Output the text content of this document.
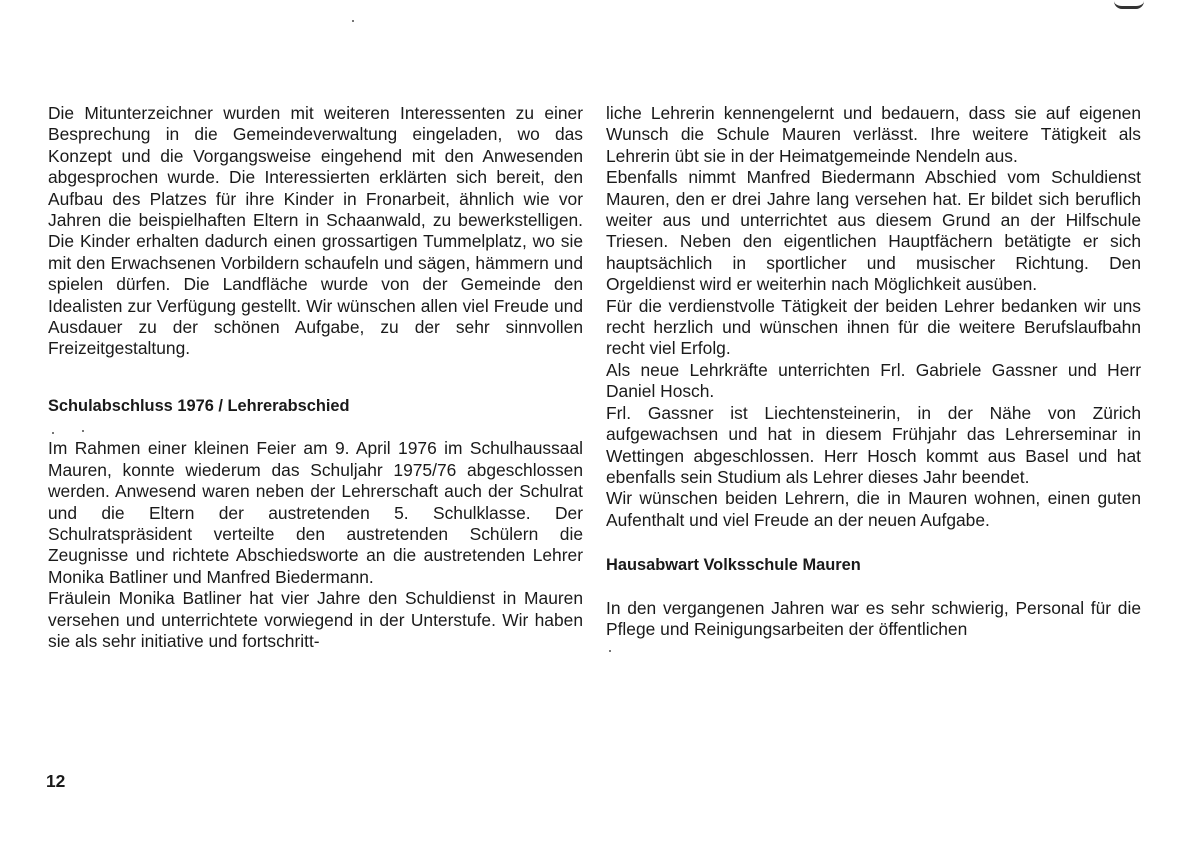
Die Mitunterzeichner wurden mit weiteren Interessenten zu einer Besprechung in die Gemeindeverwaltung eingeladen, wo das Konzept und die Vorgangsweise eingehend mit den Anwesenden abgesprochen wurde. Die Interessierten erklärten sich bereit, den Aufbau des Platzes für ihre Kinder in Fronarbeit, ähnlich wie vor Jahren die beispielhaften Eltern in Schaanwald, zu bewerkstelligen. Die Kinder erhalten dadurch einen grossartigen Tummelplatz, wo sie mit den Erwachsenen Vorbildern schaufeln und sägen, hämmern und spielen dürfen. Die Landfläche wurde von der Gemeinde den Idealisten zur Verfügung gestellt. Wir wünschen allen viel Freude und Ausdauer zu der schönen Aufgabe, zu der sehr sinnvollen Freizeitgestaltung.

Schulabschluss 1976 / Lehrerabschied

Im Rahmen einer kleinen Feier am 9. April 1976 im Schulhaussaal Mauren, konnte wiederum das Schuljahr 1975/76 abgeschlossen werden. Anwesend waren neben der Lehrerschaft auch der Schulrat und die Eltern der austretenden 5. Schulklasse. Der Schulratspräsident verteilte den austretenden Schülern die Zeugnisse und richtete Abschiedsworte an die austretenden Lehrer Monika Batliner und Manfred Biedermann.

Fräulein Monika Batliner hat vier Jahre den Schuldienst in Mauren versehen und unterrichtete vorwiegend in der Unterstufe. Wir haben sie als sehr initiative und fortschritt-

liche Lehrerin kennengelernt und bedauern, dass sie auf eigenen Wunsch die Schule Mauren verlässt. Ihre weitere Tätigkeit als Lehrerin übt sie in der Heimatgemeinde Nendeln aus.

Ebenfalls nimmt Manfred Biedermann Abschied vom Schuldienst Mauren, den er drei Jahre lang versehen hat. Er bildet sich beruflich weiter aus und unterrichtet aus diesem Grund an der Hilfschule Triesen. Neben den eigentlichen Hauptfächern betätigte er sich hauptsächlich in sportlicher und musischer Richtung. Den Orgeldienst wird er weiterhin nach Möglichkeit ausüben.

Für die verdienstvolle Tätigkeit der beiden Lehrer bedanken wir uns recht herzlich und wünschen ihnen für die weitere Berufslaufbahn recht viel Erfolg.

Als neue Lehrkräfte unterrichten Frl. Gabriele Gassner und Herr Daniel Hosch.

Frl. Gassner ist Liechtensteinerin, in der Nähe von Zürich aufgewachsen und hat in diesem Frühjahr das Lehrerseminar in Wettingen abgeschlossen. Herr Hosch kommt aus Basel und hat ebenfalls sein Studium als Lehrer dieses Jahr beendet.

Wir wünschen beiden Lehrern, die in Mauren wohnen, einen guten Aufenthalt und viel Freude an der neuen Aufgabe.

Hausabwart Volksschule Mauren

In den vergangenen Jahren war es sehr schwierig, Personal für die Pflege und Reinigungsarbeiten der öffentlichen

12
